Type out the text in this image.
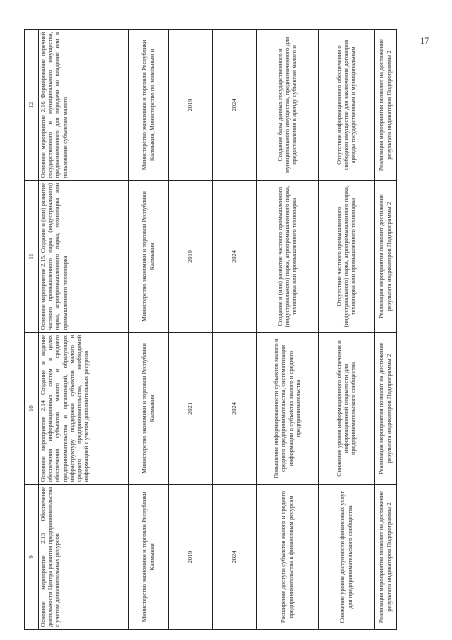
17
9	10	11	12
Основное мероприятие 2.13 Обеспечение деятельности Центра развития предпринимательства с учетом дополнительных ресурсов	Основное мероприятие 2.14 Создание и ведение обеспечения информационных систем в целях обеспечения субъектов малого и среднего предпринимательства и организаций, образующих инфраструктуру поддержки субъектов малого и среднего предпринимательства, необходимой информацией с учетом дополнительных ресурсов	Основное мероприятие 2.15. Создание и (или) развитие частного промышленного парка (индустриального) парка, агропромышленного парка, технопарка или промышленного технопарка	Основное мероприятие 2.16 Формирование перечней государственного и муниципального имущества, предназначенного для передачи во владение или в пользование субъектам малого
Министерство экономики и торговли Республики Калмыкия	Министерство экономики и торговли Республики Калмыкия	Министерство экономики и торговли Республики Калмыкия	Министерство экономики и торговли Республики Калмыкия, Министерство по земельным и
2019	2021	2019	2019
2024	2024	2024	2024
Расширение доступа субъектов малого и среднего предпринимательства к финансовым ресурсам	Повышение информированности субъектов малого и среднего предпринимательства, систематизация информации о субъектах малого и среднего предпринимательства	Создание и (или) развитие частного промышленного (индустриального) парка, агропромышленного парка, технопарка или промышленного технопарка	Создание базы данных государственного и муниципального имущества, предназначенного для предоставления в аренду субъектам малого и
Снижение уровня доступности финансовых услуг для предпринимательского сообщества	Снижение уровня информационного обеспечения и информационной открытости для предпринимательского сообщества	Отсутствие частного промышленного (индустриального) парка, агропромышленного парка, технопарка или промышленного технопарка	Отсутствие информационного обеспечения о свободном имуществе для заключения договоров аренды государственным и муниципальным
Реализация мероприятия позволит на достижение результата индикаторов Подпрограммы 2	Реализация мероприятия позволит на достижение результата индикаторов Подпрограммы 2	Реализация мероприятия позволит достижение результата индикаторов Подпрограммы 2	Реализация мероприятия позволит на достижение результата индикаторов Подпрограммы 2
